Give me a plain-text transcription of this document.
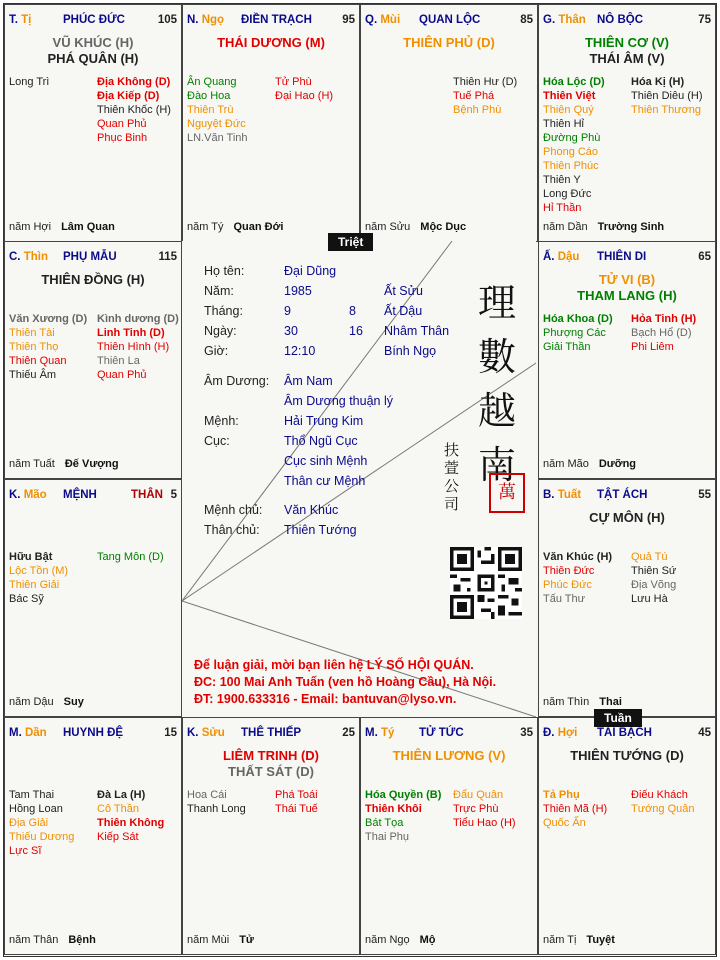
T. Tị	PHÚC ĐỨC	105
VŨ KHÚC (H)
PHÁ QUÂN (H)
Long Trì	Địa Không (D)
Địa Kiếp (D)
Thiên Khốc (H)
Quan Phủ
Phục Binh
năm Hợi Lâm Quan
N. Ngọ ĐIỀN TRẠCH	95
THÁI DƯƠNG (M)
Ân Quang
Đào Hoa
Thiên Trù
Nguyệt Đức
LN.Văn Tinh
Tử Phù
Đại Hao (H)
năm Tý Quan Đới
Q. Mùi QUAN LỘC	85
THIÊN PHỦ (D)
Thiên Hư (D)
Tuế Phá
Bệnh Phù
năm Sửu Mộc Dục
G. Thân NÔ BỘC	75
THIÊN CƠ (V)
THÁI ÂM (V)
Hóa Lộc (D)
Thiên Việt
Thiên Quý
Thiên Hỉ
Đường Phù
Phong Cáo
Thiên Phúc
Thiên Y
Long Đức
Hỉ Thần
Hóa Kị (H)
Thiên Diêu (H)
Thiên Thương
năm Dần Trường Sinh
C. Thìn PHỤ MẪU	115
THIÊN ĐỒNG (H)
Văn Xương (D)
Thiên Tài
Thiên Thọ
Thiên Quan
Thiếu Âm
Kình dương (D)
Linh Tinh (D)
Thiên Hình (H)
Thiên La
Quan Phủ
năm Tuất Đế Vượng
Ấ. Dậu THIÊN DI	65
TỬ VI (B)
THAM LANG (H)
Hóa Khoa (D)
Phượng Các
Giải Thần
Hỏa Tinh (H)
Bạch Hổ (D)
Phi Liêm
năm Mão Dưỡng
K. Mão MỆNH	THÂN 5
Hữu Bật
Lộc Tồn (M)
Thiên Giải
Bác Sỹ
Tang Môn (D)
năm Dậu Suy
B. Tuất TẬT ÁCH	55
CỰ MÔN (H)
Văn Khúc (H)
Thiên Đức
Phúc Đức
Tấu Thư
Quả Tú
Thiên Sứ
Địa Võng
Lưu Hà
năm Thìn Thai
M. Dần HUYNH ĐỆ	15
Tam Thai
Hồng Loan
Địa Giải
Thiếu Dương
Lực Sĩ
Đà La (H)
Cô Thần
Thiên Không
Kiếp Sát
năm Thân Bệnh
K. Sửu THÊ THIẾP	25
LIÊM TRINH (D)
THẤT SÁT (D)
Hoa Cái
Thanh Long
Phá Toái
Thái Tuế
năm Mùi Tử
M. Tý TỬ TỨC	35
THIÊN LƯƠNG (V)
Hóa Quyền (B)
Thiên Khôi
Bát Tọa
Thai Phụ
Đẩu Quân
Trực Phù
Tiểu Hao (H)
năm Ngọ Mộ
Đ. Hợi TÀI BẠCH	45
THIÊN TƯỚNG (D)
Tả Phụ
Thiên Mã (H)
Quốc Ấn
Điếu Khách
Tướng Quân
năm Tị Tuyệt
Họ tên:	Đại Dũng
Năm:	1985	Ất Sửu
Tháng:	9	8 Ất Dậu
Ngày:	30	16 Nhâm Thân
Giờ:	12:10	Bính Ngọ
Âm Dương: Âm Nam
Âm Dương thuận lý

Mệnh:	Hải Trung Kim
Cục:	Thổ Ngũ Cục
Cục sinh Mệnh

Thân cư Mệnh

Mệnh chủ: Văn Khúc
Thân chủ: Thiên Tướng
理
數
越
南
扶
萱
公
司
萬
Để luận giải, mời bạn liên hệ LÝ SỐ HỘI QUÁN.
ĐC: 100 Mai Anh Tuấn (ven hồ Hoàng Cầu), Hà Nội.
ĐT: 1900.633316 - Email: bantuvan@lyso.vn.
Triệt
Tuần
